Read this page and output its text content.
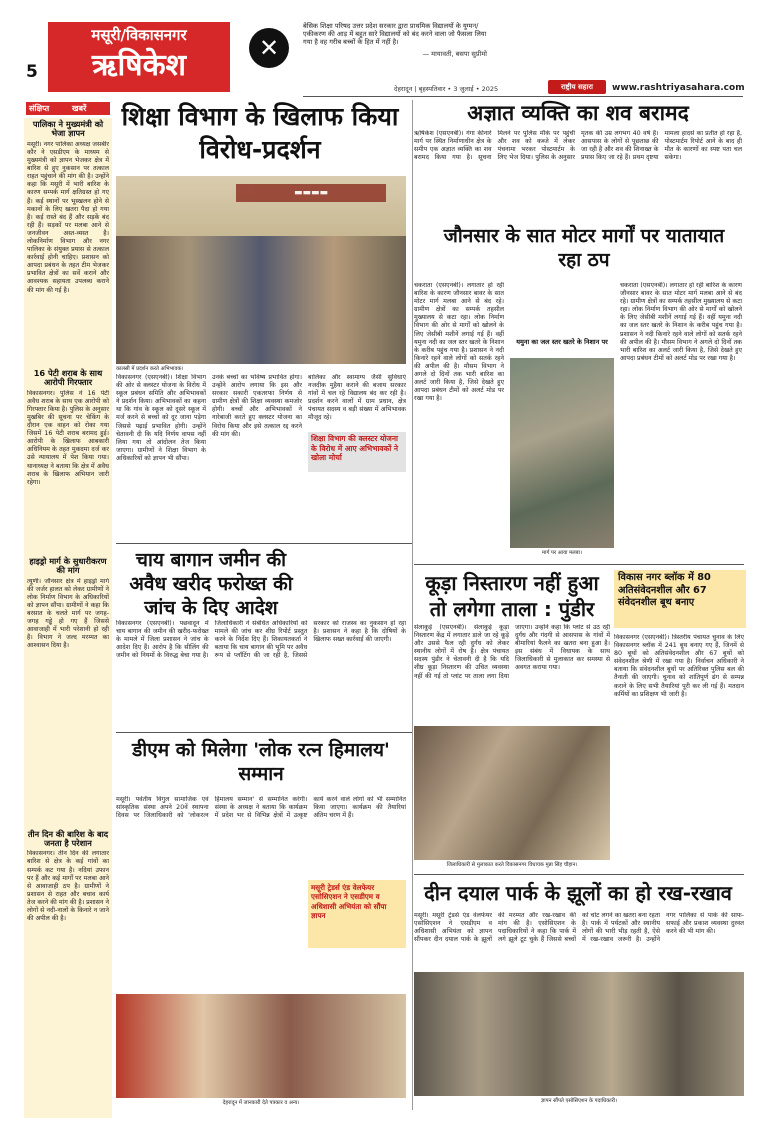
5
मसूरी/विकासनगर
ऋषिकेश	✕
बेसिक शिक्षा परिषद उत्तर प्रदेश सरकार द्वारा प्राथमिक विद्यालयों के युग्मन/एकीकरण की आड़ में बहुत सारे विद्यालयों को बंद करने वाला जो फैसला लिया गया है वह गरीब बच्चों के हित में नहीं है।
— मायावती, बसपा सुप्रीमो
देहरादून | बृहस्पतिवार • 3 जुलाई • 2025	राष्ट्रीय सहारा	www.rashtriyasahara.com
संक्षिप्त	खबरें
पालिका ने मुख्यमंत्री को भेजा ज्ञापन
मसूरी। नगर पालिका अध्यक्ष जसबीर कौर ने एसडीएम के माध्यम से मुख्यमंत्री को ज्ञापन भेजकर क्षेत्र में बारिश से हुए नुकसान पर तत्काल राहत पहुंचाने की मांग की है। उन्होंने कहा कि मसूरी में भारी बारिश के कारण सम्पर्क मार्ग क्षतिग्रस्त हो गए हैं। कई स्थानों पर भूस्खलन होने से मकानों के लिए खतरा पैदा हो गया है। कई रास्ते बंद हैं और सड़कें बंद रही हैं। सड़कों पर मलबा आने से जनजीवन अस्त-व्यस्त है। लोकनिर्माण विभाग और नगर पालिका के संयुक्त प्रयास से तत्काल कार्रवाई होनी चाहिए। प्रशासन को आपदा प्रबंधन के तहत टीम भेजकर प्रभावित क्षेत्रों का सर्वे कराने और आवश्यक सहायता उपलब्ध कराने की मांग की गई है।
16 पेटी शराब के साथ आरोपी गिरफ्तार
विकासनगर। पुलिस ने 16 पेटी अवैध शराब के साथ एक आरोपी को गिरफ्तार किया है। पुलिस के अनुसार मुखबिर की सूचना पर चेकिंग के दौरान एक वाहन को रोका गया जिसमें 16 पेटी शराब बरामद हुई। आरोपी के खिलाफ आबकारी अधिनियम के तहत मुकदमा दर्ज कर उसे न्यायालय में पेश किया गया। थानाध्यक्ष ने बताया कि क्षेत्र में अवैध शराब के खिलाफ अभियान जारी रहेगा।
हाइड्रो मार्ग के सुधारीकरण की मांग
त्यूणी। जौनसार क्षेत्र में हाइड्रो मार्ग की जर्जर हालत को लेकर ग्रामीणों ने लोक निर्माण विभाग के अधिकारियों को ज्ञापन सौंपा। ग्रामीणों ने कहा कि बरसात के चलते मार्ग पर जगह-जगह गड्ढे हो गए हैं जिससे आवाजाही में भारी परेशानी हो रही है। विभाग ने जल्द मरम्मत का आश्वासन दिया है।
तीन दिन की बारिश के बाद जनता है परेशान
विकासनगर। तीन दिन की लगातार बारिश से क्षेत्र के कई गांवों का सम्पर्क कट गया है। नदियां उफान पर हैं और कई मार्गों पर मलबा आने से आवाजाही ठप है। ग्रामीणों ने प्रशासन से राहत और बचाव कार्य तेज करने की मांग की है। प्रशासन ने लोगों से नदी-नालों के किनारे न जाने की अपील की है।
शिक्षा विभाग के खिलाफ किया विरोध-प्रदर्शन
▬▬▬▬
कालसी में प्रदर्शन करते अभिभावक।
विकासनगर (एसएनबी)। शिक्षा विभाग की ओर से क्लस्टर योजना के विरोध में स्कूल प्रबंधन समिति और अभिभावकों ने प्रदर्शन किया। अभिभावकों का कहना था कि गांव के स्कूल को दूसरे स्कूल में मर्ज करने से बच्चों को दूर जाना पड़ेगा जिससे पढ़ाई प्रभावित होगी। उन्होंने चेतावनी दी कि यदि निर्णय वापस नहीं लिया गया तो आंदोलन तेज किया जाएगा। ग्रामीणों ने शिक्षा विभाग के अधिकारियों को ज्ञापन भी सौंपा।
उनके बच्चों का भविष्य प्रभावित होगा। उन्होंने आरोप लगाया कि इस और सरकार सकारी एकतरफा निर्णय से ग्रामीण क्षेत्रों की शिक्षा व्यवस्था कमजोर होगी। बच्चों और अभिभावकों ने नारेबाजी करते हुए क्लस्टर योजना का विरोध किया और इसे तत्काल रद्द करने की मांग की।
बालिका और स्वामाग्य जैसी सुविधाएं नजदीक मुहैया कराने की बजाय सरकार गांवों में चल रहे विद्यालय बंद कर रही है। प्रदर्शन करने वालों में ग्राम प्रधान, क्षेत्र पंचायत सदस्य व बड़ी संख्या में अभिभावक मौजूद रहे।
शिक्षा विभाग की क्लस्टर योजना के विरोध में आए अभिभावकों ने खोला मोर्चा
अज्ञात व्यक्ति का शव बरामद
ऋषिकेश (एसएनबी)। गंगा कीनारे मार्ग पर स्थित निर्माणाधीन क्षेत्र के समीप एक अज्ञात व्यक्ति का शव बरामद किया गया है। सूचना मिलने पर पुलिस मौके पर पहुंची और शव को कब्जे में लेकर पंचनामा भरकर पोस्टमार्टम के लिए भेज दिया। पुलिस के अनुसार मृतक की उम्र लगभग 40 वर्ष है। आसपास के लोगों से पूछताछ की जा रही है और शव की शिनाख्त के प्रयास किए जा रहे हैं। प्रथम दृष्टया मामला हादसे का प्रतीत हो रहा है, पोस्टमार्टम रिपोर्ट आने के बाद ही मौत के कारणों का स्पष्ट पता चल सकेगा।
जौनसार के सात मोटर मार्गों पर यातायात रहा ठप
चकराता (एसएनबी)। लगातार हो रही बारिश के कारण जौनसार बावर के सात मोटर मार्ग मलबा आने से बंद रहे। ग्रामीण क्षेत्रों का सम्पर्क तहसील मुख्यालय से कटा रहा। लोक निर्माण विभाग की ओर से मार्गों को खोलने के लिए जेसीबी मशीनें लगाई गई हैं। वहीं यमुना नदी का जल स्तर खतरे के निशान के करीब पहुंच गया है। प्रशासन ने नदी किनारे रहने वाले लोगों को सतर्क रहने की अपील की है। मौसम विभाग ने अगले दो दिनों तक भारी बारिश का अलर्ट जारी किया है, जिसे देखते हुए आपदा प्रबंधन टीमों को अलर्ट मोड पर रखा गया है।
यमुना का जल स्तर खतरे के निशान पर
मार्ग पर आया मलबा।
चकराता (एसएनबी)। लगातार हो रही बारिश के कारण जौनसार बावर के सात मोटर मार्ग मलबा आने से बंद रहे। ग्रामीण क्षेत्रों का सम्पर्क तहसील मुख्यालय से कटा रहा। लोक निर्माण विभाग की ओर से मार्गों को खोलने के लिए जेसीबी मशीनें लगाई गई हैं। वहीं यमुना नदी का जल स्तर खतरे के निशान के करीब पहुंच गया है। प्रशासन ने नदी किनारे रहने वाले लोगों को सतर्क रहने की अपील की है। मौसम विभाग ने अगले दो दिनों तक भारी बारिश का अलर्ट जारी किया है, जिसे देखते हुए आपदा प्रबंधन टीमों को अलर्ट मोड पर रखा गया है।
चाय बागान जमीन की अवैध खरीद फरोख्त की जांच के दिए आदेश
विकासनगर (एसएनबी)। पछवादून में चाय बागान की जमीन की खरीद-फरोख्त के मामले में जिला प्रशासन ने जांच के आदेश दिए हैं। आरोप है कि सीलिंग की जमीन को नियमों के विरुद्ध बेचा गया है। जिलाधिकारी ने संबंधित अधिकारियों को मामले की जांच कर शीघ्र रिपोर्ट प्रस्तुत करने के निर्देश दिए हैं। शिकायतकर्ता ने बताया कि चाय बागान की भूमि पर अवैध रूप से प्लॉटिंग की जा रही है, जिससे सरकार को राजस्व का नुकसान हो रहा है। प्रशासन ने कहा है कि दोषियों के खिलाफ सख्त कार्रवाई की जाएगी।
डीएम को मिलेगा 'लोक रत्न हिमालय' सम्मान
मसूरी। पर्वतीय विगुल सामाजिक एवं सांस्कृतिक संस्था अपने 20वें स्थापना दिवस पर जिलाधिकारी को 'लोकरत्न हिमालय सम्मान' से सम्मानित करेगी। संस्था के अध्यक्ष ने बताया कि कार्यक्रम में प्रदेश भर से विभिन्न क्षेत्रों में उत्कृष्ट कार्य करने वाले लोगों को भी सम्मानित किया जाएगा। कार्यक्रम की तैयारियां अंतिम चरण में हैं।
देहरादून में जानकारी देते पत्रकार व अन्य।
मसूरी ट्रेडर्स एंड वेलफेयर एसोसिएशन ने एसडीएम व अधिशासी अभियंता को सौंपा ज्ञापन
कूड़ा निस्तारण नहीं हुआ तो लगेगा ताला : पुंडीर
सेलाकुई (एसएनबी)। सेलाकुई कूड़ा निस्तारण केंद्र में लगातार डाले जा रहे कूड़े और उससे फैल रही दुर्गंध को लेकर स्थानीय लोगों में रोष है। क्षेत्र पंचायत सदस्य पुंडीर ने चेतावनी दी है कि यदि शीघ्र कूड़ा निस्तारण की उचित व्यवस्था नहीं की गई तो प्लांट पर ताला लगा दिया जाएगा। उन्होंने कहा कि प्लांट से उठ रही दुर्गंध और गंदगी से आसपास के गांवों में बीमारियां फैलने का खतरा बना हुआ है। इस संबंध में विधायक के साथ जिलाधिकारी से मुलाकात कर समस्या से अवगत कराया गया।
जिलाधिकारी से मुलाकात करते विकासनगर विधायक मुन्ना सिंह चौहान।
विकास नगर ब्लॉक में 80 अतिसंवेदनशील और 67 संवेदनशील बूथ बनाए
विकासनगर (एसएनबी)। त्रिस्तरीय पंचायत चुनाव के लिए विकासनगर ब्लॉक में 241 बूथ बनाए गए हैं, जिनमें से 80 बूथों को अतिसंवेदनशील और 67 बूथों को संवेदनशील श्रेणी में रखा गया है। निर्वाचन अधिकारी ने बताया कि संवेदनशील बूथों पर अतिरिक्त पुलिस बल की तैनाती की जाएगी। चुनाव को शांतिपूर्ण ढंग से सम्पन्न कराने के लिए सभी तैयारियां पूरी कर ली गई हैं। मतदान कर्मियों का प्रशिक्षण भी जारी है।
दीन दयाल पार्क के झूलों का हो रख-रखाव
मसूरी। मसूरी ट्रेडर्स एंड वेलफेयर एसोसिएशन ने एसडीएम व अधिशासी अभियंता को ज्ञापन सौंपकर दीन दयाल पार्क के झूलों की मरम्मत और रख-रखाव की मांग की है। एसोसिएशन के पदाधिकारियों ने कहा कि पार्क में लगे झूले टूट चुके हैं जिससे बच्चों को चोट लगने का खतरा बना रहता है। पार्क में पर्यटकों और स्थानीय लोगों की भारी भीड़ रहती है, ऐसे में रख-रखाव जरूरी है। उन्होंने नगर पालिका से पार्क की साफ-सफाई और प्रकाश व्यवस्था दुरुस्त करने की भी मांग की।
ज्ञापन सौंपते एसोसिएशन के पदाधिकारी।
